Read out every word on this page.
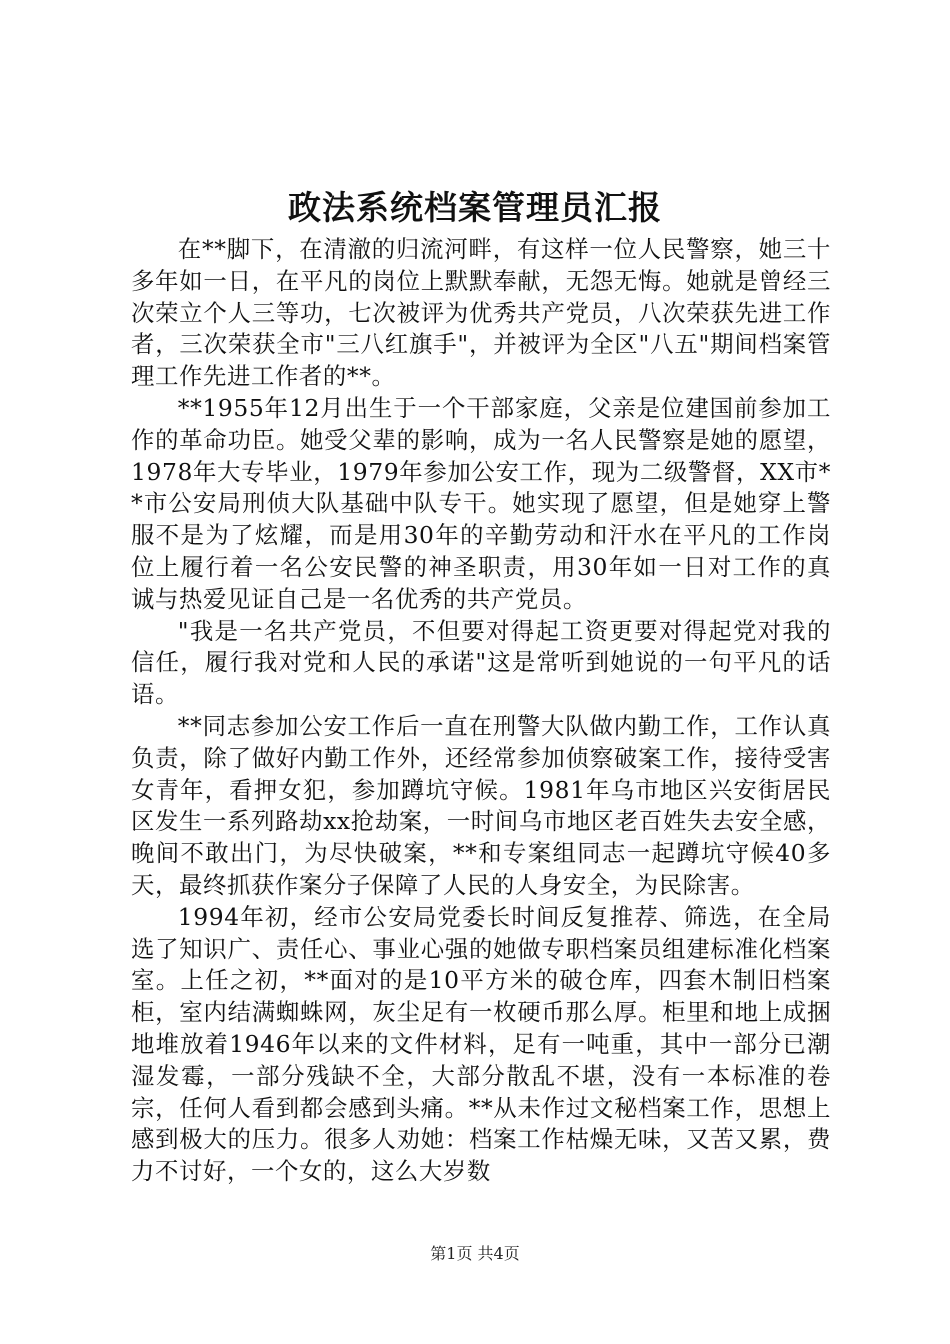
政法系统档案管理员汇报

在**脚下，在清澈的归流河畔，有这样一位人民警察，她三十多年如一日，在平凡的岗位上默默奉献，无怨无悔。她就是曾经三次荣立个人三等功，七次被评为优秀共产党员，八次荣获先进工作者，三次荣获全市"三八红旗手"，并被评为全区"八五"期间档案管理工作先进工作者的**。

**1955年12月出生于一个干部家庭，父亲是位建国前参加工作的革命功臣。她受父辈的影响，成为一名人民警察是她的愿望，1978年大专毕业，1979年参加公安工作，现为二级警督，XX市**市公安局刑侦大队基础中队专干。她实现了愿望，但是她穿上警服不是为了炫耀，而是用30年的辛勤劳动和汗水在平凡的工作岗位上履行着一名公安民警的神圣职责，用30年如一日对工作的真诚与热爱见证自己是一名优秀的共产党员。

"我是一名共产党员，不但要对得起工资更要对得起党对我的信任，履行我对党和人民的承诺"这是常听到她说的一句平凡的话语。

**同志参加公安工作后一直在刑警大队做内勤工作，工作认真负责，除了做好内勤工作外，还经常参加侦察破案工作，接待受害女青年，看押女犯，参加蹲坑守候。1981年乌市地区兴安街居民区发生一系列路劫xx抢劫案，一时间乌市地区老百姓失去安全感，晚间不敢出门，为尽快破案，**和专案组同志一起蹲坑守候40多天，最终抓获作案分子保障了人民的人身安全，为民除害。

1994年初，经市公安局党委长时间反复推荐、筛选，在全局选了知识广、责任心、事业心强的她做专职档案员组建标准化档案室。上任之初，**面对的是10平方米的破仓库，四套木制旧档案柜，室内结满蜘蛛网，灰尘足有一枚硬币那么厚。柜里和地上成捆地堆放着1946年以来的文件材料，足有一吨重，其中一部分已潮湿发霉，一部分残缺不全，大部分散乱不堪，没有一本标准的卷宗，任何人看到都会感到头痛。**从未作过文秘档案工作，思想上感到极大的压力。很多人劝她：档案工作枯燥无味，又苦又累，费力不讨好，一个女的，这么大岁数

第1页 共4页
